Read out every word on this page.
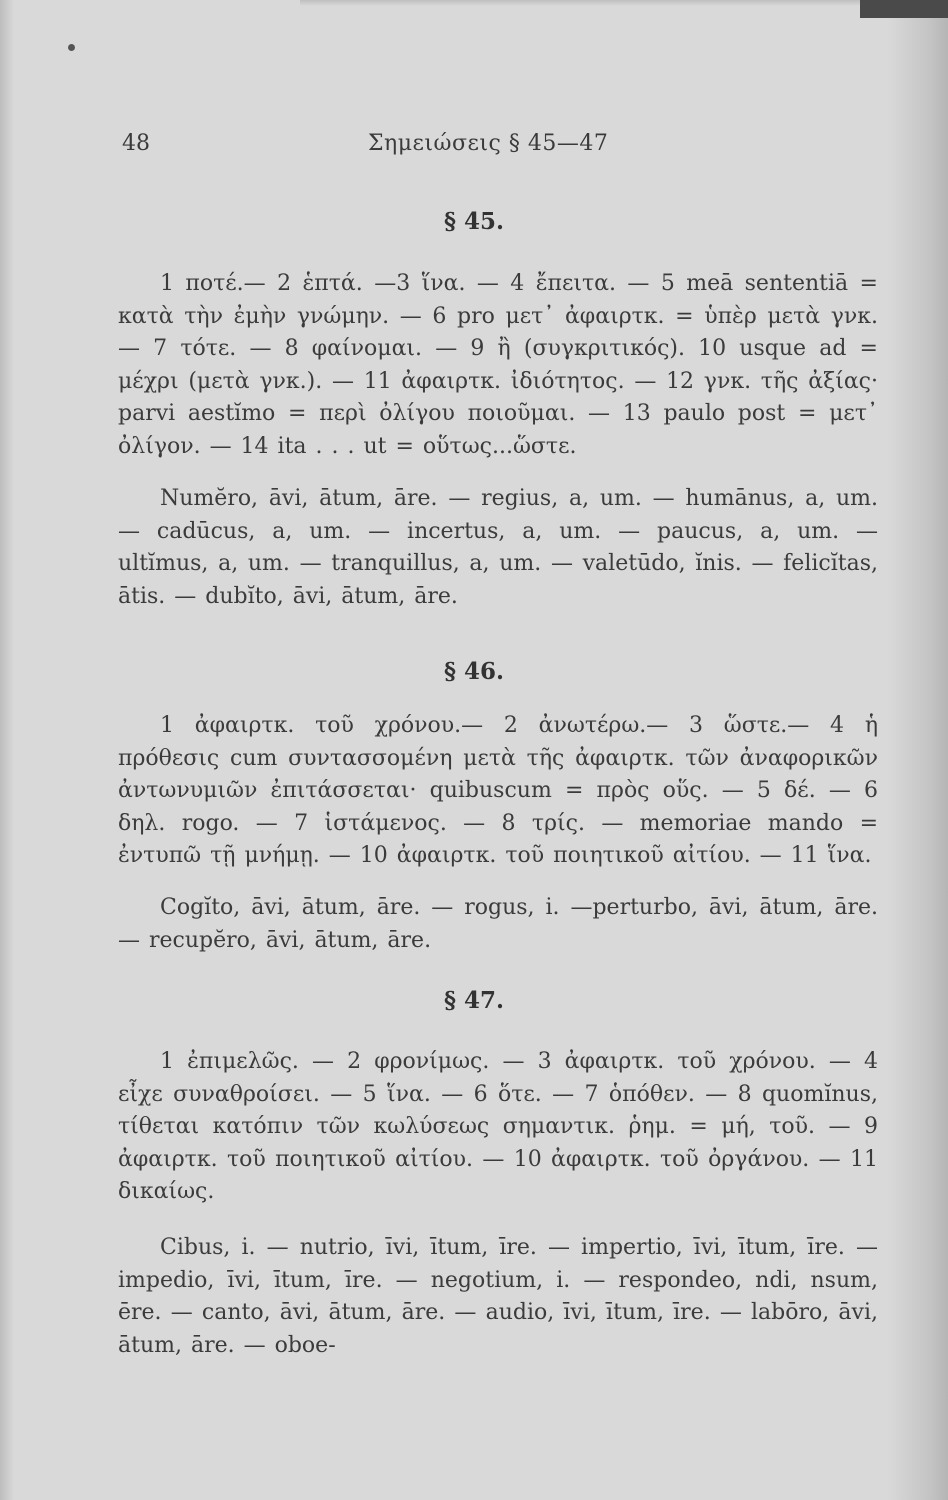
48	Σημειώσεις § 45—47
§ 45.
1 ποτέ.— 2 ἑπτά. —3 ἵνα. — 4 ἔπειτα. — 5 meā sententiā = κατὰ τὴν ἐμὴν γνώμην. — 6 pro μετ᾽ ἀφαιρτκ. = ὑπὲρ μετὰ γνκ. — 7 τότε. — 8 φαίνομαι. — 9 ἢ (συγκριτικός). 10 usque ad = μέχρι (μετὰ γνκ.). — 11 ἀφαιρτκ. ἰδιότητος. — 12 γνκ. τῆς ἀξίας· parvi aestĭmo = περὶ ὀλίγου ποιοῦμαι. — 13 paulo post = μετ᾽ ὀλίγον. — 14 ita . . . ut = οὕτως...ὥστε.
Numĕro, āvi, ātum, āre. — regius, a, um. — humānus, a, um. — cadūcus, a, um. — incertus, a, um. — paucus, a, um. — ultĭmus, a, um. — tranquillus, a, um. — valetūdo, ĭnis. — felicĭtas, ātis. — dubĭto, āvi, ātum, āre.
§ 46.
1 ἀφαιρτκ. τοῦ χρόνου.— 2 ἀνωτέρω.— 3 ὥστε.— 4 ἡ πρόθεσις cum συντασσομένη μετὰ τῆς ἀφαιρτκ. τῶν ἀναφορικῶν ἀντωνυμιῶν ἐπιτάσσεται· quibuscum = πρὸς οὕς. — 5 δέ. — 6 δηλ. rogo. — 7 ἱστάμενος. — 8 τρίς. — memoriae mando = ἐντυπῶ τῇ μνήμῃ. — 10 ἀφαιρτκ. τοῦ ποιητικοῦ αἰτίου. — 11 ἵνα.
Cogĭto, āvi, ātum, āre. — rogus, i. —perturbo, āvi, ātum, āre. — recupĕro, āvi, ātum, āre.
§ 47.
1 ἐπιμελῶς. — 2 φρονίμως. — 3 ἀφαιρτκ. τοῦ χρόνου. — 4 εἶχε συναθροίσει. — 5 ἵνα. — 6 ὅτε. — 7 ὁπόθεν. — 8 quomĭnus, τίθεται κατόπιν τῶν κωλύσεως σημαντικ. ῥημ. = μή, τοῦ. — 9 ἀφαιρτκ. τοῦ ποιητικοῦ αἰτίου. — 10 ἀφαιρτκ. τοῦ ὀργάνου. — 11 δικαίως.
Cibus, i. — nutrio, īvi, ītum, īre. — impertio, īvi, ītum, īre. — impedio, īvi, ītum, īre. — negotium, i. — respondeo, ndi, nsum, ēre. — canto, āvi, ātum, āre. — audio, īvi, ītum, īre. — labōro, āvi, ātum, āre. — oboe-
